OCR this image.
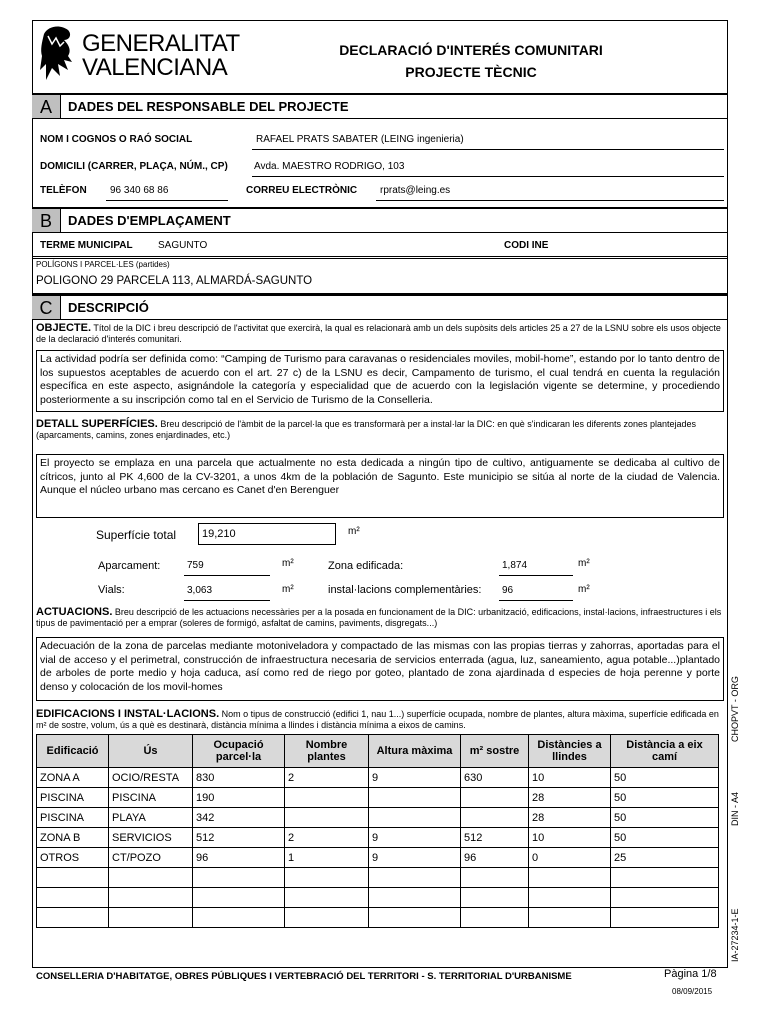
GENERALITAT
VALENCIANA
DECLARACIÓ D'INTERÉS COMUNITARI
PROJECTE TÈCNIC
A	DADES DEL RESPONSABLE DEL PROJECTE
NOM I COGNOS O RAÓ SOCIAL	RAFAEL PRATS SABATER (LEING ingenieria)
DOMICILI (CARRER, PLAÇA, NÚM., CP)	Avda. MAESTRO RODRIGO, 103
TELÈFON 96 340 68 86	CORREU ELECTRÒNIC rprats@leing.es
B	DADES D'EMPLAÇAMENT
TERME MUNICIPAL	SAGUNTO	CODI INE
POLÍGONS I PARCEL·LES (partides)
POLIGONO 29 PARCELA 113, ALMARDÁ-SAGUNTO
C	DESCRIPCIÓ
OBJECTE. Títol de la DIC i breu descripció de l'activitat que exercirà, la qual es relacionarà amb un dels supòsits dels articles 25 a 27 de la LSNU sobre els usos objecte de la declaració d'interés comunitari.
La actividad podría ser definida como: “Camping de Turismo para caravanas o residenciales moviles, mobil-home”, estando por lo tanto dentro de los supuestos aceptables de acuerdo con el art. 27 c) de la LSNU es decir, Campamento de turismo, el cual tendrá en cuenta la regulación específica en este aspecto, asignándole la categoría y especialidad que de acuerdo con la legislación vigente se determine, y procediendo posteriormente a su inscripción como tal en el Servicio de Turismo de la Conselleria.
DETALL SUPERFÍCIES. Breu descripció de l'àmbit de la parcel·la que es transformarà per a instal·lar la DIC: en què s'indicaran les diferents zones plantejades (aparcaments, camins, zones enjardinades, etc.)
El proyecto se emplaza en una parcela que actualmente no esta dedicada a ningún tipo de cultivo, antiguamente se dedicaba al cultivo de cítricos, junto al PK 4,600 de la CV-3201, a unos 4km de la población de Sagunto. Este municipio se sitúa al norte de la ciudad de Valencia. Aunque el núcleo urbano mas cercano es Canet d'en Berenguer
Superfície total	19,210	m²
Aparcament:	759	m²	Zona edificada:	1,874	m²
Vials:	3,063	m²	instal·lacions complementàries: 96	m²
ACTUACIONS. Breu descripció de les actuacions necessàries per a la posada en funcionament de la DIC: urbanització, edificacions, instal·lacions, infraestructures i els tipus de pavimentació per a emprar (soleres de formigó, asfaltat de camins, paviments, disgregats...)
Adecuación de la zona de parcelas mediante motoniveladora y compactado de las mismas con las propias tierras y zahorras, aportadas para el vial de acceso y el perimetral, construcción de infraestructura necesaria de servicios enterrada (agua, luz, saneamiento, agua potable...)plantado de arboles de porte medio y hoja caduca, así como red de riego por goteo, plantado de zona ajardinada d especies de hoja perenne y porte denso y colocación de los movil-homes
EDIFICACIONS I INSTAL·LACIONS. Nom o tipus de construcció (edifici 1, nau 1...) superfície ocupada, nombre de plantes, altura màxima, superfície edificada en m² de sostre, volum, ús a què es destinarà, distància mínima a llindes i distància mínima a eixos de camins.
Edificació	Ús	Ocupació parcel·la	Nombre plantes	Altura màxima	m² sostre	Distàncies a llindes	Distància a eix camí
ZONA A	OCIO/RESTA	830	2	9	630	10	50
PISCINA	PISCINA	190				28	50
PISCINA	PLAYA	342				28	50
ZONA B	SERVICIOS	512	2	9	512	10	50
OTROS	CT/POZO	96	1	9	96	0	25

CHOPVT - ORG
DIN - A4
IA-27234-1-E
CONSELLERIA D'HABITATGE, OBRES PÚBLIQUES I VERTEBRACIÓ DEL TERRITORI - S. TERRITORIAL D'URBANISME	Pàgina 1/8
08/09/2015
